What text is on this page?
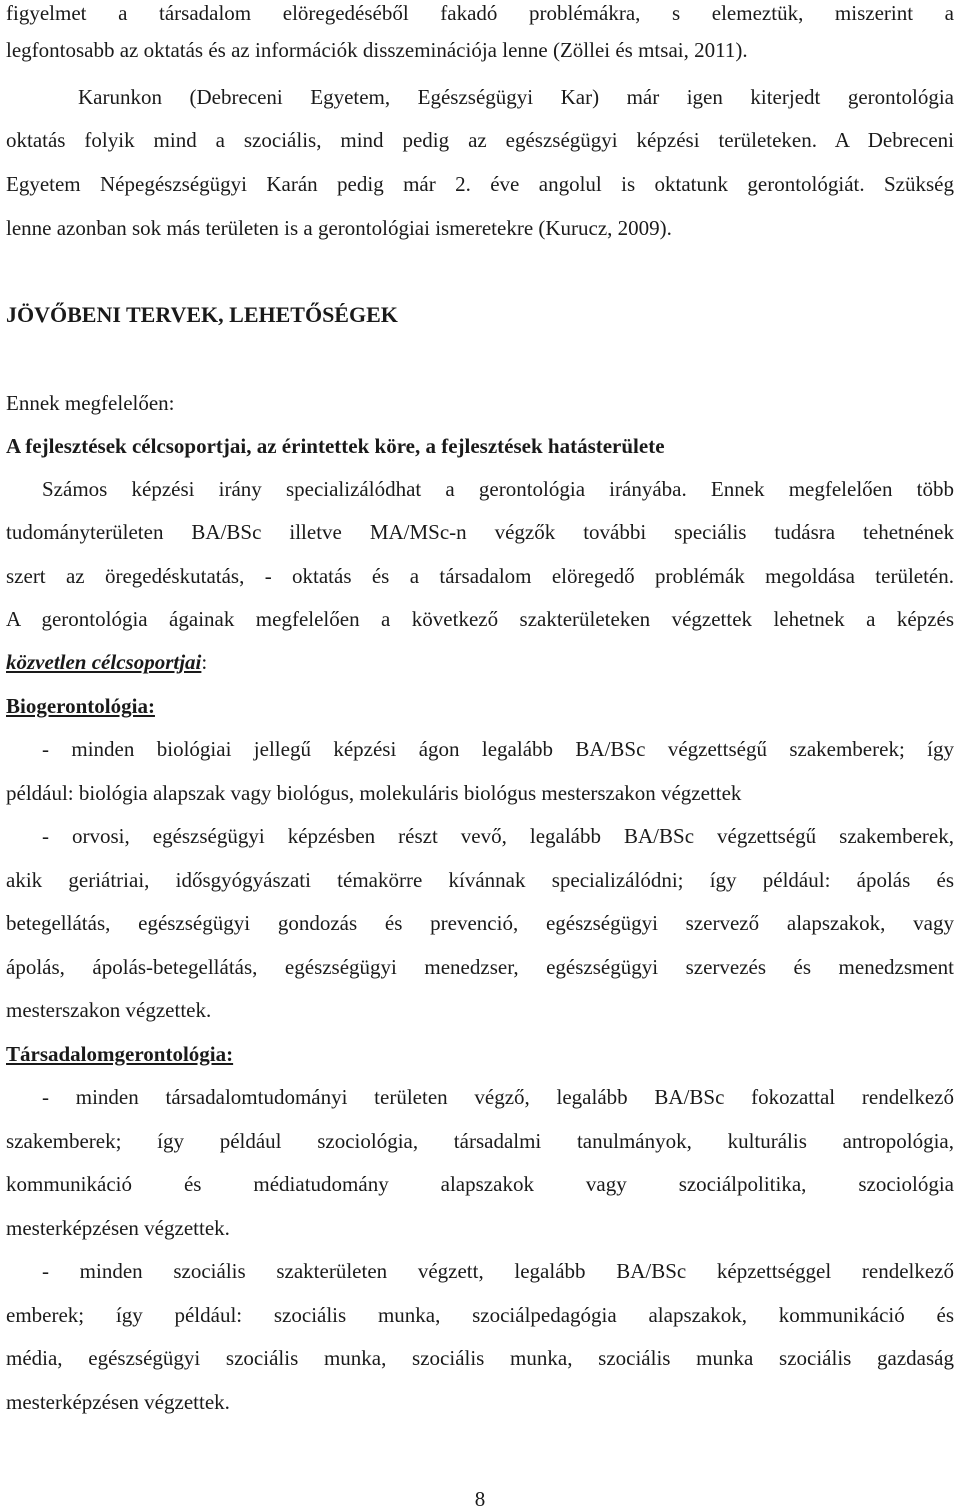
figyelmet a társadalom elöregedéséből fakadó problémákra, s elemeztük, miszerint a
legfontosabb az oktatás és az információk disszeminációja lenne (Zöllei és mtsai, 2011).
Karunkon (Debreceni Egyetem, Egészségügyi Kar) már igen kiterjedt gerontológia
oktatás folyik mind a szociális, mind pedig az egészségügyi képzési területeken. A Debreceni
Egyetem Népegészségügyi Karán pedig már 2. éve angolul is oktatunk gerontológiát. Szükség
lenne azonban sok más területen is a gerontológiai ismeretekre (Kurucz, 2009).
JÖVŐBENI TERVEK, LEHETŐSÉGEK
Ennek megfelelően:
A fejlesztések célcsoportjai, az érintettek köre, a fejlesztések hatásterülete
Számos képzési irány specializálódhat a gerontológia irányába. Ennek megfelelően több
tudományterületen BA/BSc illetve MA/MSc-n végzők további speciális tudásra tehetnének
szert az öregedéskutatás, - oktatás és a társadalom elöregedő problémák megoldása területén.
A gerontológia ágainak megfelelően a következő szakterületeken végzettek lehetnek a képzés
közvetlen célcsoportjai:
Biogerontológia:
- minden biológiai jellegű képzési ágon legalább BA/BSc végzettségű szakemberek; így
például: biológia alapszak vagy biológus, molekuláris biológus mesterszakon végzettek
- orvosi, egészségügyi képzésben részt vevő, legalább BA/BSc végzettségű szakemberek,
akik geriátriai, idősgyógyászati témakörre kívánnak specializálódni; így például: ápolás és
betegellátás, egészségügyi gondozás és prevenció, egészségügyi szervező alapszakok, vagy
ápolás, ápolás-betegellátás, egészségügyi menedzser, egészségügyi szervezés és menedzsment
mesterszakon végzettek.
Társadalomgerontológia:
- minden társadalomtudományi területen végző, legalább BA/BSc fokozattal rendelkező
szakemberek; így például szociológia, társadalmi tanulmányok, kulturális antropológia,
kommunikáció és médiatudomány alapszakok vagy szociálpolitika, szociológia
mesterképzésen végzettek.
- minden szociális szakterületen végzett, legalább BA/BSc képzettséggel rendelkező
emberek; így például: szociális munka, szociálpedagógia alapszakok, kommunikáció és
média, egészségügyi szociális munka, szociális munka, szociális munka szociális gazdaság
mesterképzésen végzettek.
8
